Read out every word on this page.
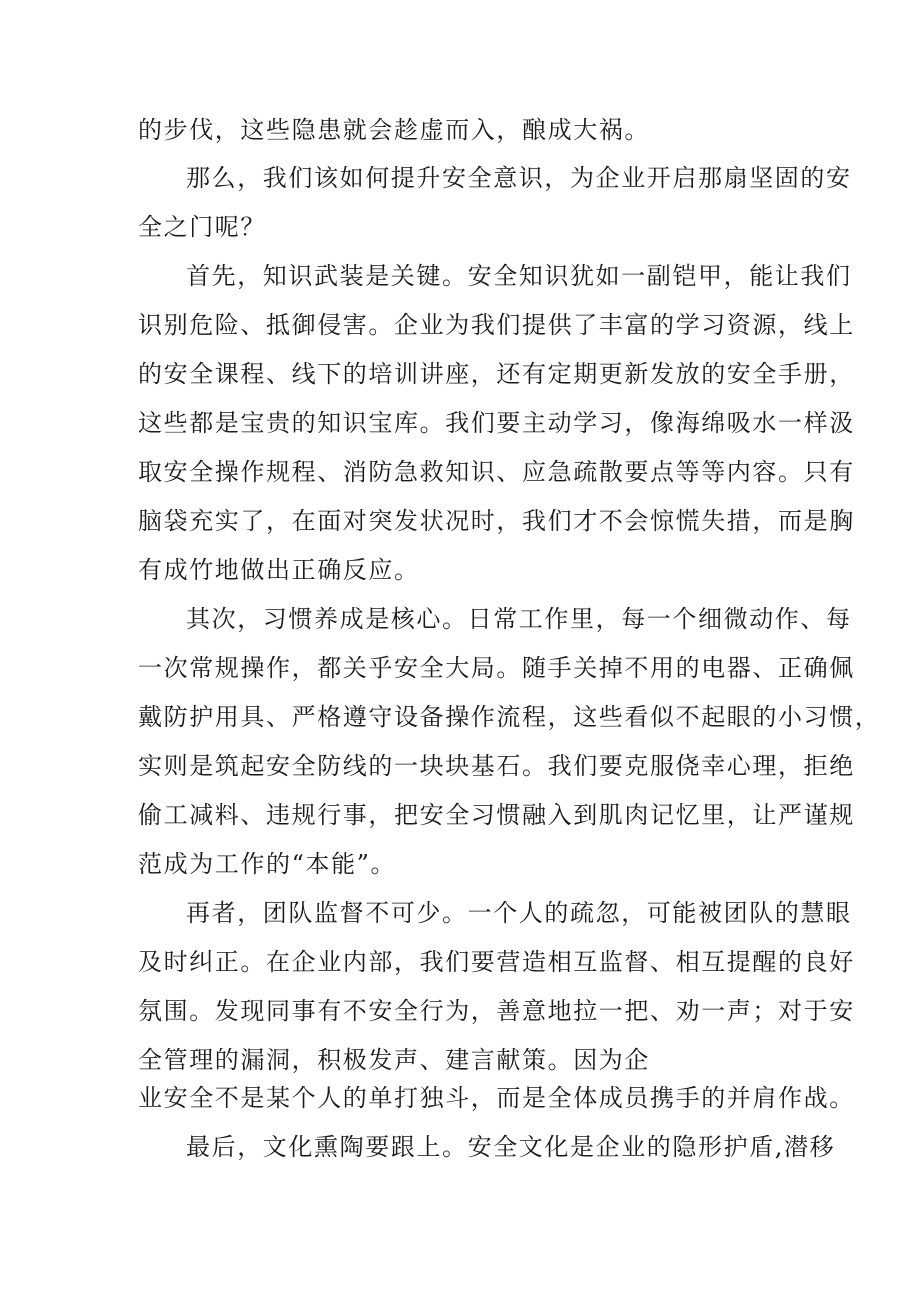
的步伐，这些隐患就会趁虚而入，酿成大祸。
那么，我们该如何提升安全意识，为企业开启那扇坚固的安
全之门呢？
首先，知识武装是关键。安全知识犹如一副铠甲，能让我们
识别危险、抵御侵害。企业为我们提供了丰富的学习资源，线上
的安全课程、线下的培训讲座，还有定期更新发放的安全手册，
这些都是宝贵的知识宝库。我们要主动学习，像海绵吸水一样汲
取安全操作规程、消防急救知识、应急疏散要点等等内容。只有
脑袋充实了，在面对突发状况时，我们才不会惊慌失措，而是胸
有成竹地做出正确反应。
其次，习惯养成是核心。日常工作里，每一个细微动作、每
一次常规操作，都关乎安全大局。随手关掉不用的电器、正确佩
戴防护用具、严格遵守设备操作流程，这些看似不起眼的小习惯，
实则是筑起安全防线的一块块基石。我们要克服侥幸心理，拒绝
偷工减料、违规行事，把安全习惯融入到肌肉记忆里，让严谨规
范成为工作的“本能”。
再者，团队监督不可少。一个人的疏忽，可能被团队的慧眼
及时纠正。在企业内部，我们要营造相互监督、相互提醒的良好
氛围。发现同事有不安全行为，善意地拉一把、劝一声；对于安
全管理的漏洞，积极发声、建言献策。因为企
业安全不是某个人的单打独斗，而是全体成员携手的并肩作战。
最后，文化熏陶要跟上。安全文化是企业的隐形护盾,潜移
